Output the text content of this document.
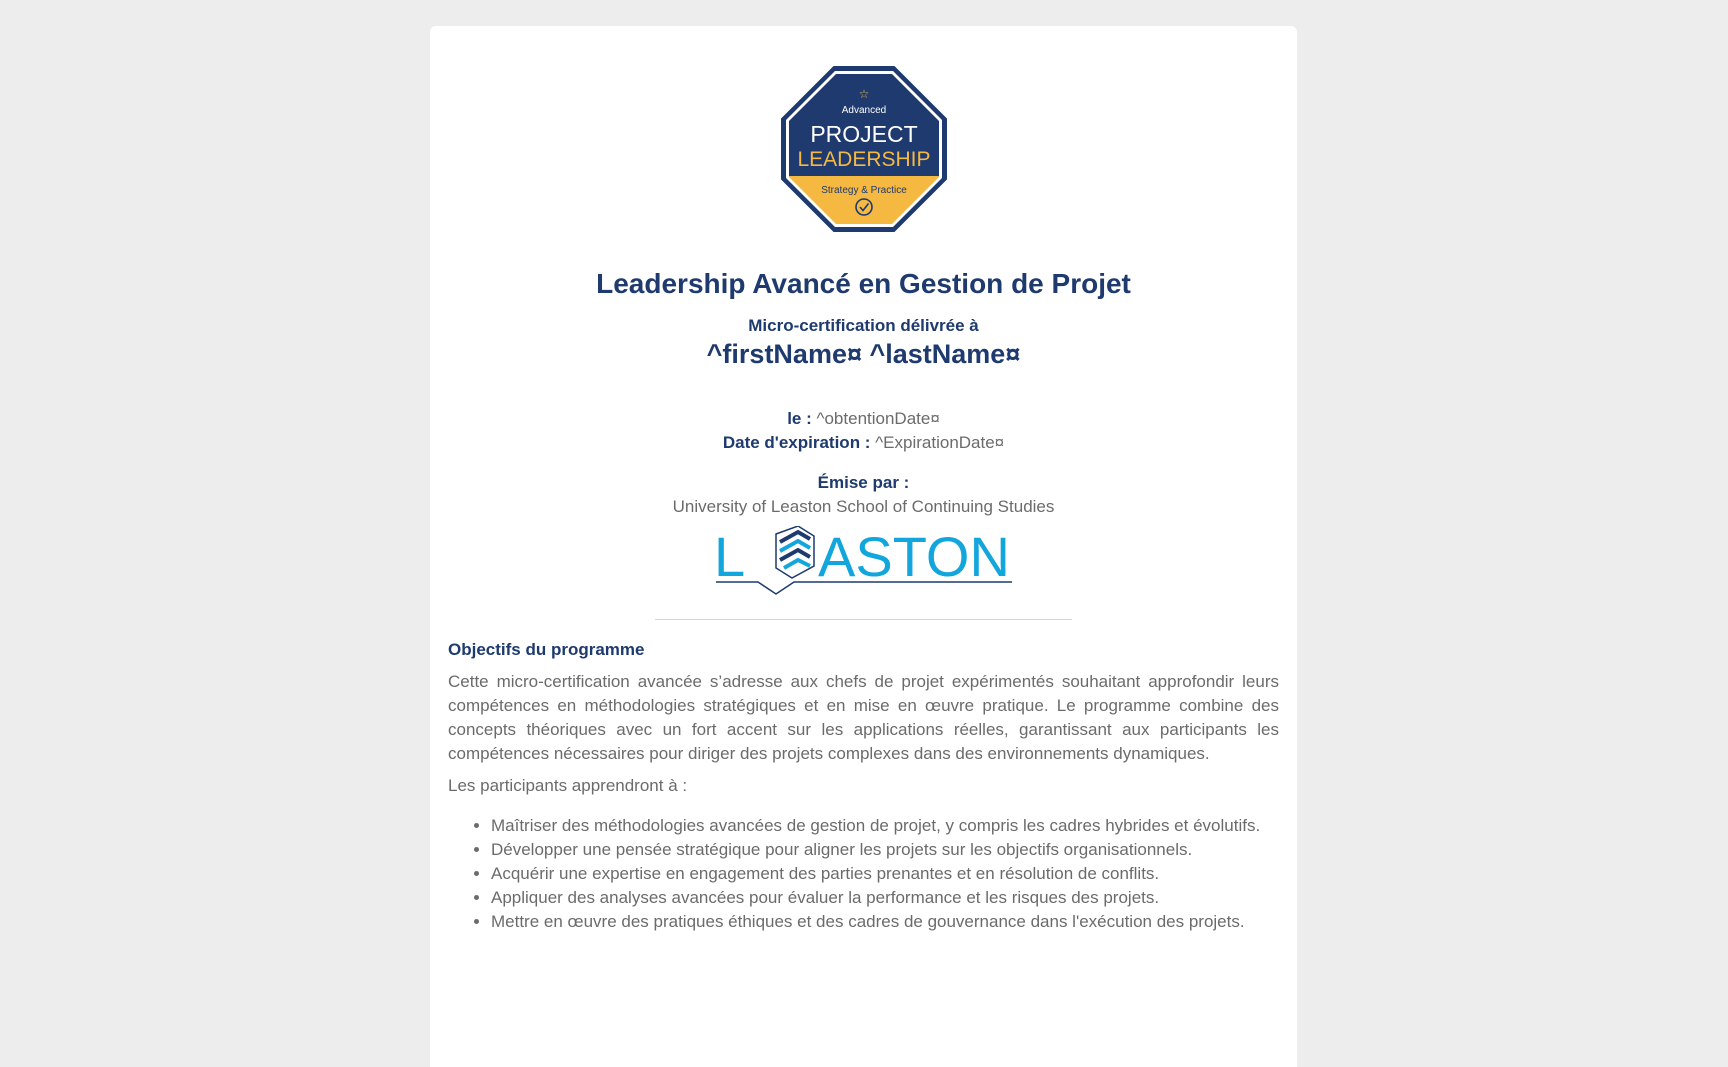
☆
Advanced
PROJECT
LEADERSHIP
Strategy & Practice
Leadership Avancé en Gestion de Projet
Micro-certification délivrée à
^firstName¤ ^lastName¤
le : ^obtentionDate¤
Date d'expiration : ^ExpirationDate¤
Émise par :
University of Leaston School of Continuing Studies
L ASTON
Objectifs du programme

Cette micro-certification avancée s’adresse aux chefs de projet expérimentés souhaitant approfondir leurs compétences en méthodologies stratégiques et en mise en œuvre pratique. Le programme combine des concepts théoriques avec un fort accent sur les applications réelles, garantissant aux participants les compétences nécessaires pour diriger des projets complexes dans des environnements dynamiques.

Les participants apprendront à :

• Maîtriser des méthodologies avancées de gestion de projet, y compris les cadres hybrides et évolutifs.
• Développer une pensée stratégique pour aligner les projets sur les objectifs organisationnels.
• Acquérir une expertise en engagement des parties prenantes et en résolution de conflits.
• Appliquer des analyses avancées pour évaluer la performance et les risques des projets.
• Mettre en œuvre des pratiques éthiques et des cadres de gouvernance dans l'exécution des projets.
